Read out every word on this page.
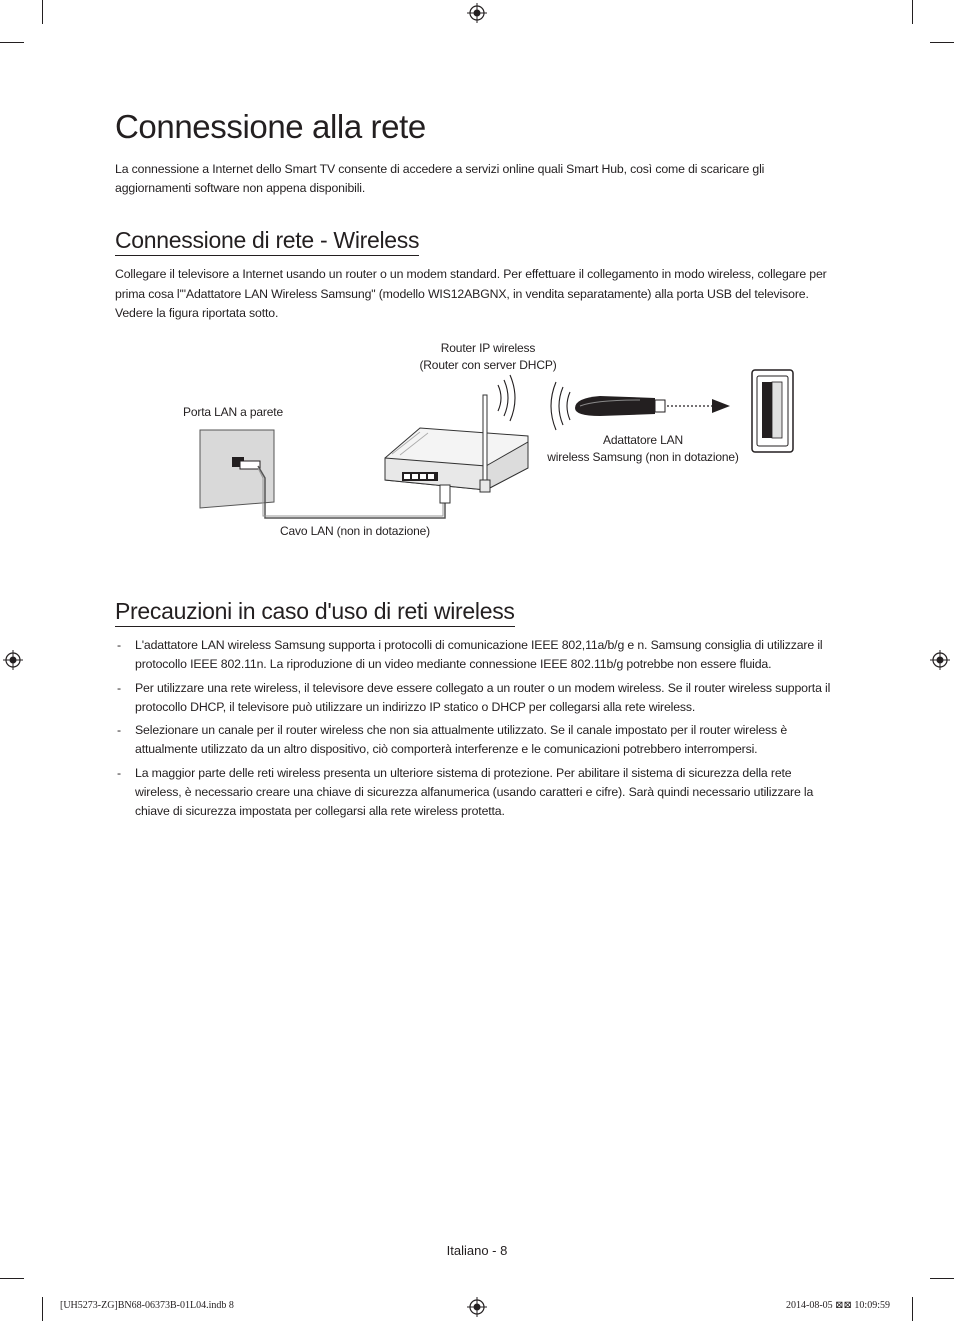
Connessione alla rete

La connessione a Internet dello Smart TV consente di accedere a servizi online quali Smart Hub, così come di scaricare gli aggiornamenti software non appena disponibili.

Connessione di rete - Wireless

Collegare il televisore a Internet usando un router o un modem standard. Per effettuare il collegamento in modo wireless, collegare per prima cosa l'"Adattatore LAN Wireless Samsung" (modello WIS12ABGNX, in vendita separatamente) alla porta USB del televisore. Vedere la figura riportata sotto.

Router IP wireless
(Router con server DHCP)
Porta LAN a parete
Adattatore LAN
wireless Samsung (non in dotazione)
Cavo LAN (non in dotazione)
Precauzioni in caso d'uso di reti wireless
- L'adattatore LAN wireless Samsung supporta i protocolli di comunicazione IEEE 802,11a/b/g e n. Samsung consiglia di utilizzare il protocollo IEEE 802.11n. La riproduzione di un video mediante connessione IEEE 802.11b/g potrebbe non essere fluida.
- Per utilizzare una rete wireless, il televisore deve essere collegato a un router o un modem wireless. Se il router wireless supporta il protocollo DHCP, il televisore può utilizzare un indirizzo IP statico o DHCP per collegarsi alla rete wireless.
- Selezionare un canale per il router wireless che non sia attualmente utilizzato. Se il canale impostato per il router wireless è attualmente utilizzato da un altro dispositivo, ciò comporterà interferenze e le comunicazioni potrebbero interrompersi.
- La maggior parte delle reti wireless presenta un ulteriore sistema di protezione. Per abilitare il sistema di sicurezza della rete wireless, è necessario creare una chiave di sicurezza alfanumerica (usando caratteri e cifre). Sarà quindi necessario utilizzare la chiave di sicurezza impostata per collegarsi alla rete wireless protetta.
Italiano - 8
[UH5273-ZG]BN68-06373B-01L04.indb 8	2014-08-05 ⊠⊠ 10:09:59
